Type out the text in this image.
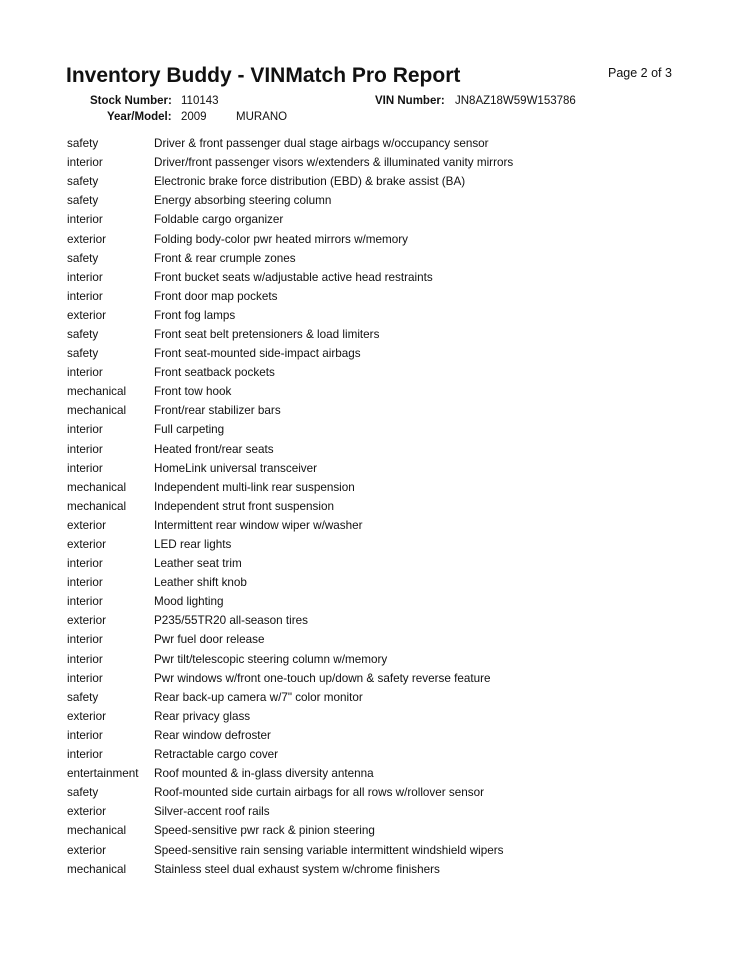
Page 2 of 3
Inventory Buddy - VINMatch Pro Report
Stock Number: 110143	VIN Number: JN8AZ18W59W153786
Year/Model: 2009	MURANO
safety	Driver & front passenger dual stage airbags w/occupancy sensor
interior	Driver/front passenger visors w/extenders & illuminated vanity mirrors
safety	Electronic brake force distribution (EBD) & brake assist (BA)
safety	Energy absorbing steering column
interior	Foldable cargo organizer
exterior	Folding body-color pwr heated mirrors w/memory
safety	Front & rear crumple zones
interior	Front bucket seats w/adjustable active head restraints
interior	Front door map pockets
exterior	Front fog lamps
safety	Front seat belt pretensioners & load limiters
safety	Front seat-mounted side-impact airbags
interior	Front seatback pockets
mechanical	Front tow hook
mechanical	Front/rear stabilizer bars
interior	Full carpeting
interior	Heated front/rear seats
interior	HomeLink universal transceiver
mechanical	Independent multi-link rear suspension
mechanical	Independent strut front suspension
exterior	Intermittent rear window wiper w/washer
exterior	LED rear lights
interior	Leather seat trim
interior	Leather shift knob
interior	Mood lighting
exterior	P235/55TR20 all-season tires
interior	Pwr fuel door release
interior	Pwr tilt/telescopic steering column w/memory
interior	Pwr windows w/front one-touch up/down & safety reverse feature
safety	Rear back-up camera w/7" color monitor
exterior	Rear privacy glass
interior	Rear window defroster
interior	Retractable cargo cover
entertainment	Roof mounted & in-glass diversity antenna
safety	Roof-mounted side curtain airbags for all rows w/rollover sensor
exterior	Silver-accent roof rails
mechanical	Speed-sensitive pwr rack & pinion steering
exterior	Speed-sensitive rain sensing variable intermittent windshield wipers
mechanical	Stainless steel dual exhaust system w/chrome finishers
